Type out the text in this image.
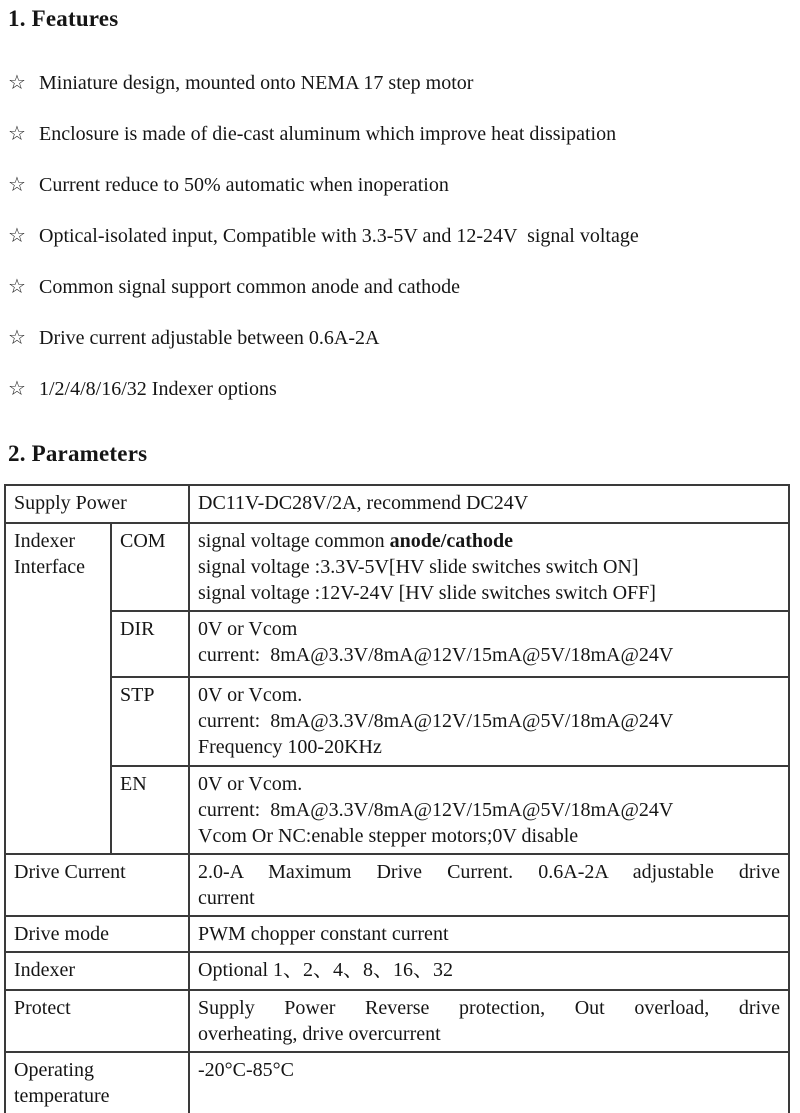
1. Features
☆ Miniature design, mounted onto NEMA 17 step motor
☆ Enclosure is made of die-cast aluminum which improve heat dissipation
☆ Current reduce to 50% automatic when inoperation
☆ Optical-isolated input, Compatible with 3.3-5V and 12-24V  signal voltage
☆ Common signal support common anode and cathode
☆ Drive current adjustable between 0.6A-2A
☆ 1/2/4/8/16/32 Indexer options
2. Parameters
Supply Power		DC11V-DC28V/2A, recommend DC24V
Indexer Interface	COM	signal voltage common anode/cathode
signal voltage :3.3V-5V[HV slide switches switch ON]
signal voltage :12V-24V [HV slide switches switch OFF]

	DIR	0V or Vcom
current:  8mA@3.3V/8mA@12V/15mA@5V/18mA@24V

	STP	0V or Vcom.
current:  8mA@3.3V/8mA@12V/15mA@5V/18mA@24V
Frequency 100-20KHz

	EN	0V or Vcom.
current:  8mA@3.3V/8mA@12V/15mA@5V/18mA@24V
Vcom Or NC:enable stepper motors;0V disable

Drive Current		2.0-A Maximum Drive Current. 0.6A-2A adjustable drive
current

Drive mode		PWM chopper constant current
Indexer		Optional 1、2、4、8、16、32
Protect		Supply Power Reverse protection, Out overload, drive
overheating, drive overcurrent

Operating temperature		-20°C-85°C
